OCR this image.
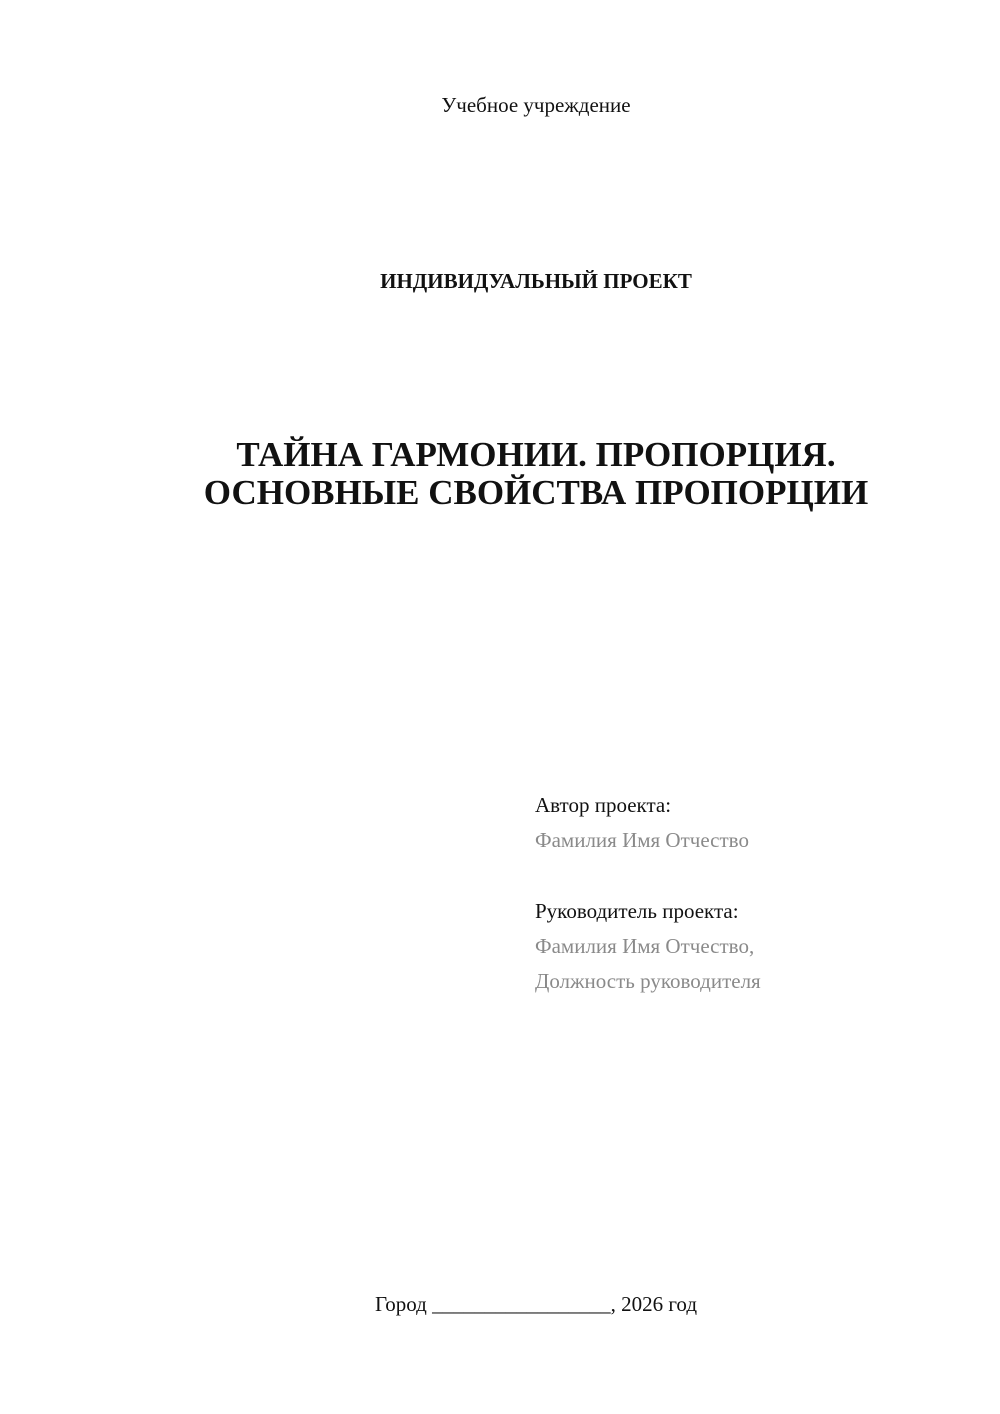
Учебное учреждение
ИНДИВИДУАЛЬНЫЙ ПРОЕКТ
ТАЙНА ГАРМОНИИ. ПРОПОРЦИЯ.
ОСНОВНЫЕ СВОЙСТВА ПРОПОРЦИИ
Автор проекта:
Фамилия Имя Отчество
Руководитель проекта:
Фамилия Имя Отчество,
Должность руководителя
Город _________________, 2026 год
